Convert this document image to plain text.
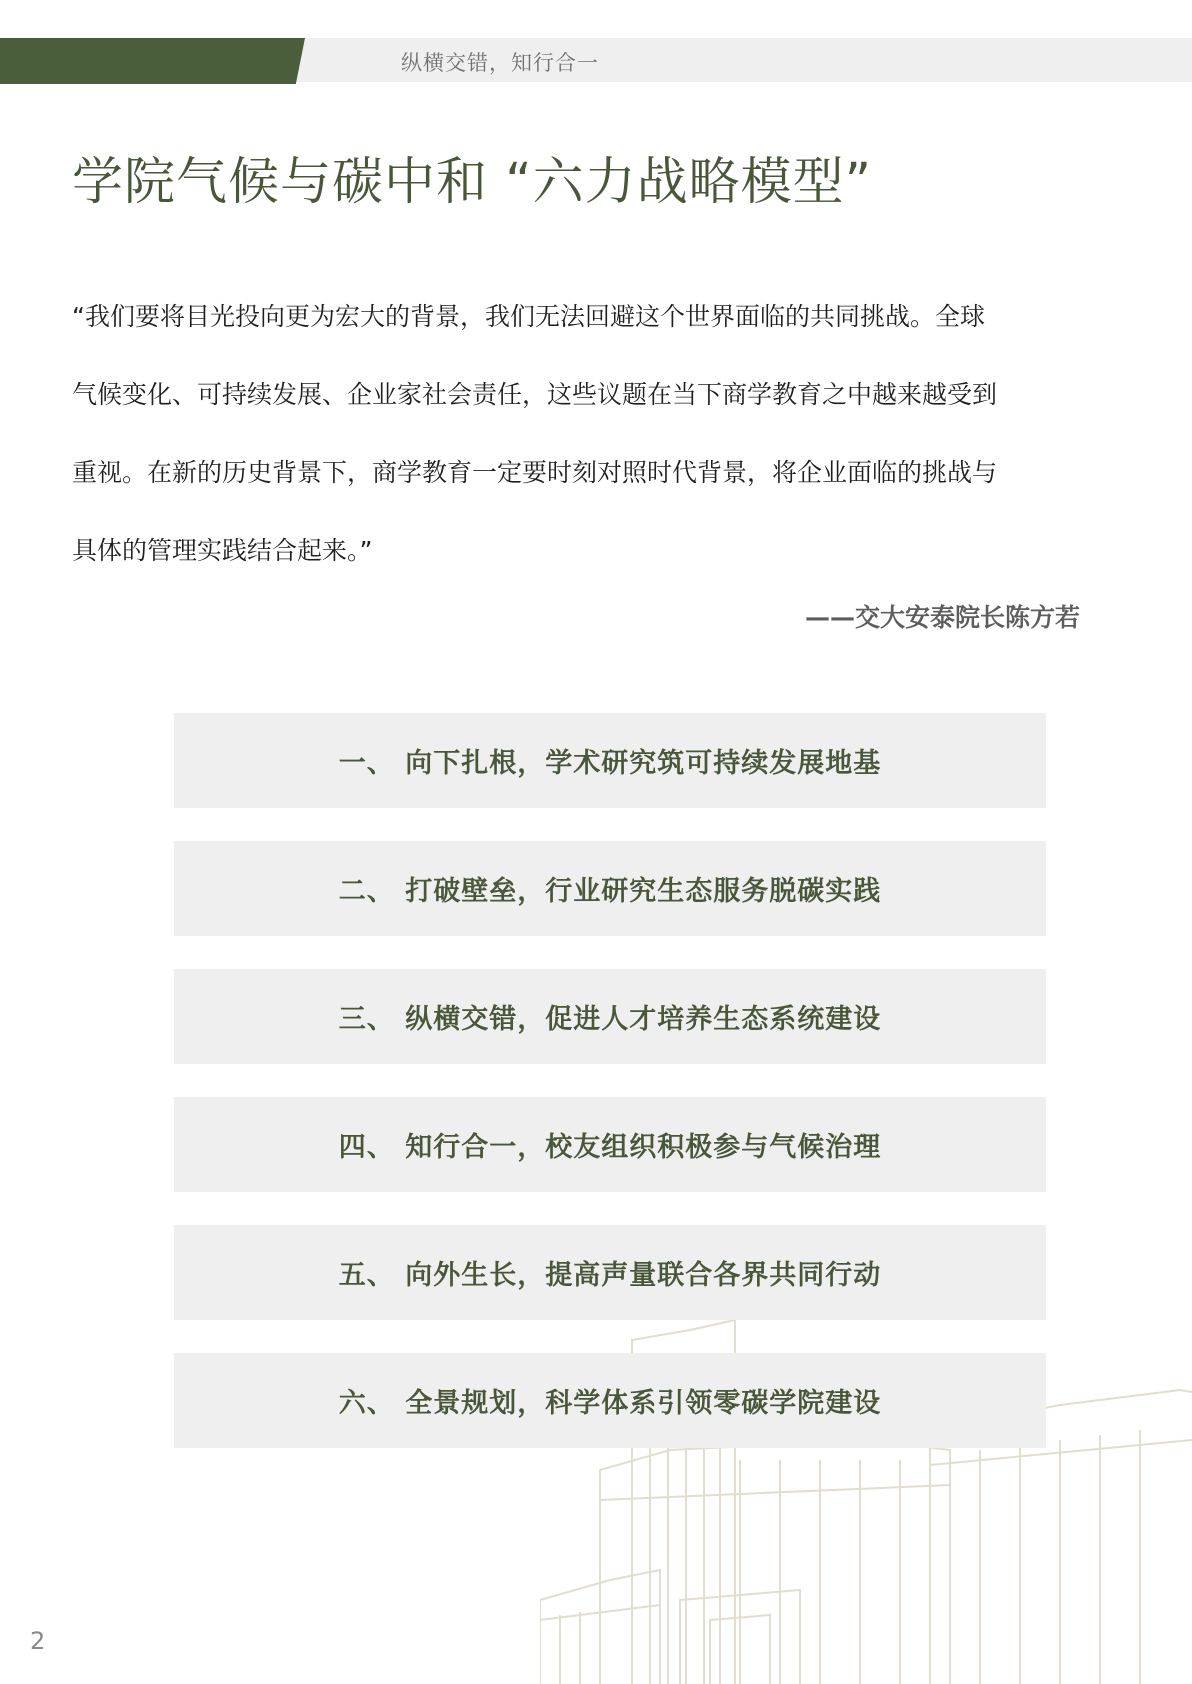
纵横交错，知行合一
学院气候与碳中和 “六力战略模型”
“我们要将目光投向更为宏大的背景，我们无法回避这个世界面临的共同挑战。全球
气候变化、可持续发展、企业家社会责任，这些议题在当下商学教育之中越来越受到
重视。在新的历史背景下，商学教育一定要时刻对照时代背景，将企业面临的挑战与
具体的管理实践结合起来。”
——交大安泰院长陈方若
一、 向下扎根，学术研究筑可持续发展地基
二、 打破壁垒，行业研究生态服务脱碳实践
三、 纵横交错，促进人才培养生态系统建设
四、 知行合一，校友组织积极参与气候治理
五、 向外生长，提高声量联合各界共同行动
六、 全景规划，科学体系引领零碳学院建设
2
